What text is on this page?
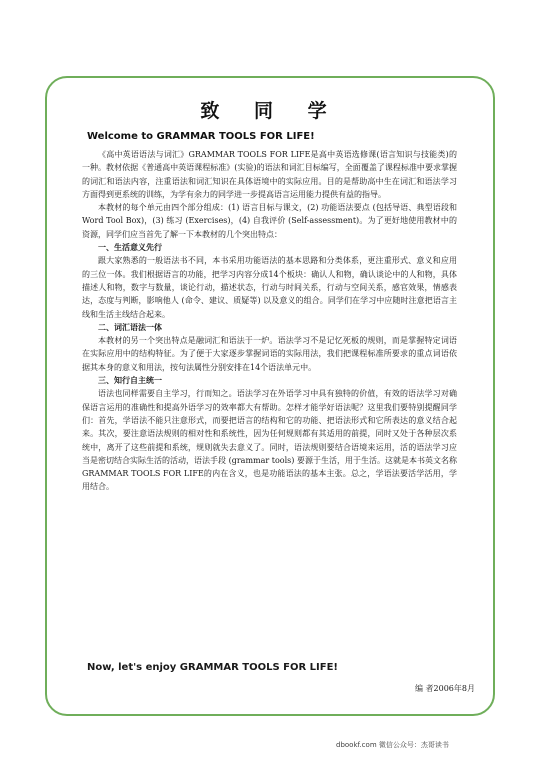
致 同 学
Welcome to GRAMMAR TOOLS FOR LIFE!

《高中英语语法与词汇》GRAMMAR TOOLS FOR LIFE是高中英语选修课(语言知识与技能类)的一种。教材依据《普通高中英语课程标准》(实验)的语法和词汇目标编写，全面覆盖了课程标准中要求掌握的词汇和语法内容，注重语法和词汇知识在具体语境中的实际应用。目的是帮助高中生在词汇和语法学习方面得到更系统的训练，为学有余力的同学进一步提高语言运用能力提供有益的指导。

本教材的每个单元由四个部分组成：(1) 语言目标与课文，(2) 功能语法要点 (包括导语、典型语段和Word Tool Box)，(3) 练习 (Exercises)，(4) 自我评价 (Self-assessment)。为了更好地使用教材中的资源，同学们应当首先了解一下本教材的几个突出特点：

一、生活意义先行

跟大家熟悉的一般语法书不同，本书采用功能语法的基本思路和分类体系，更注重形式、意义和应用的三位一体。我们根据语言的功能，把学习内容分成14个板块：确认人和物，确认谈论中的人和物，具体描述人和物，数字与数量，谈论行动，描述状态，行动与时间关系，行动与空间关系，感官效果，情感表达，态度与判断，影响他人 (命令、建议、质疑等) 以及意义的组合。同学们在学习中应随时注意把语言主线和生活主线结合起来。

二、词汇语法一体

本教材的另一个突出特点是融词汇和语法于一炉。语法学习不是记忆死板的规则，而是掌握特定词语在实际应用中的结构特征。为了便于大家逐步掌握词语的实际用法，我们把课程标准所要求的重点词语依据其本身的意义和用法，按句法属性分别安排在14个语法单元中。

三、知行自主统一

语法也同样需要自主学习，行而知之。语法学习在外语学习中具有独特的价值，有效的语法学习对确保语言运用的准确性和提高外语学习的效率都大有帮助。怎样才能学好语法呢？这里我们要特别提醒同学们：首先，学语法不能只注意形式，而要把语言的结构和它的功能、把语法形式和它所表达的意义结合起来。其次，要注意语法规则的相对性和系统性，因为任何规则都有其适用的前提，同时又处于各种层次系统中，离开了这些前提和系统，规则就失去意义了。同时，语法规则要结合语境来运用，活的语法学习应当是密切结合实际生活的活动，语法手段 (grammar tools) 要源于生活，用于生活。这就是本书英文名称GRAMMAR TOOLS FOR LIFE的内在含义，也是功能语法的基本主张。总之，学语法要活学活用，学用结合。

Now, let's enjoy GRAMMAR TOOLS FOR LIFE!
编 者2006年8月
dbookf.com 微信公众号：杰哥读书
